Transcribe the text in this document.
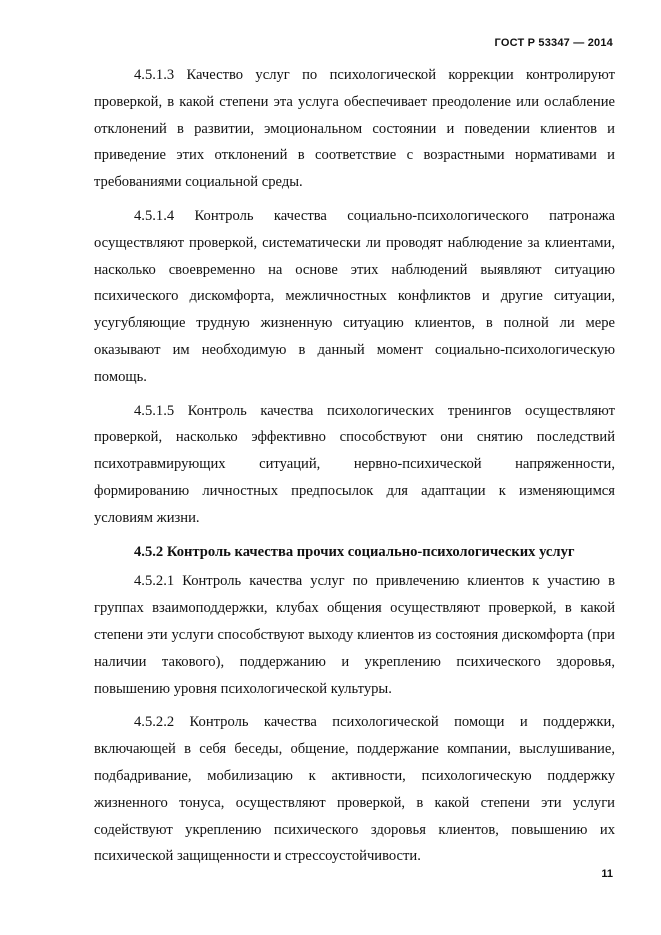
ГОСТ Р 53347 — 2014

4.5.1.3 Качество услуг по психологической коррекции контролируют проверкой, в какой степени эта услуга обеспечивает преодоление или ослабление отклонений в развитии, эмоциональном состоянии и поведении клиентов и приведение этих отклонений в соответствие с возрастными нормативами и требованиями социальной среды.

4.5.1.4 Контроль качества социально-психологического патронажа осуществляют проверкой, систематически ли проводят наблюдение за клиентами, насколько своевременно на основе этих наблюдений выявляют ситуацию психического дискомфорта, межличностных конфликтов и другие ситуации, усугубляющие трудную жизненную ситуацию клиентов, в полной ли мере оказывают им необходимую в данный момент социально-психологическую помощь.

4.5.1.5 Контроль качества психологических тренингов осуществляют проверкой, насколько эффективно способствуют они снятию последствий психотравмирующих ситуаций, нервно-психической напряженности, формированию личностных предпосылок для адаптации к изменяющимся условиям жизни.

4.5.2 Контроль качества прочих социально-психологических услуг

4.5.2.1 Контроль качества услуг по привлечению клиентов к участию в группах взаимоподдержки, клубах общения осуществляют проверкой, в какой степени эти услуги способствуют выходу клиентов из состояния дискомфорта (при наличии такового), поддержанию и укреплению психического здоровья, повышению уровня психологической культуры.

4.5.2.2 Контроль качества психологической помощи и поддержки, включающей в себя беседы, общение, поддержание компании, выслушивание, подбадривание, мобилизацию к активности, психологическую поддержку жизненного тонуса, осуществляют проверкой, в какой степени эти услуги содействуют укреплению психического здоровья клиентов, повышению их психической защищенности и стрессоустойчивости.

11
